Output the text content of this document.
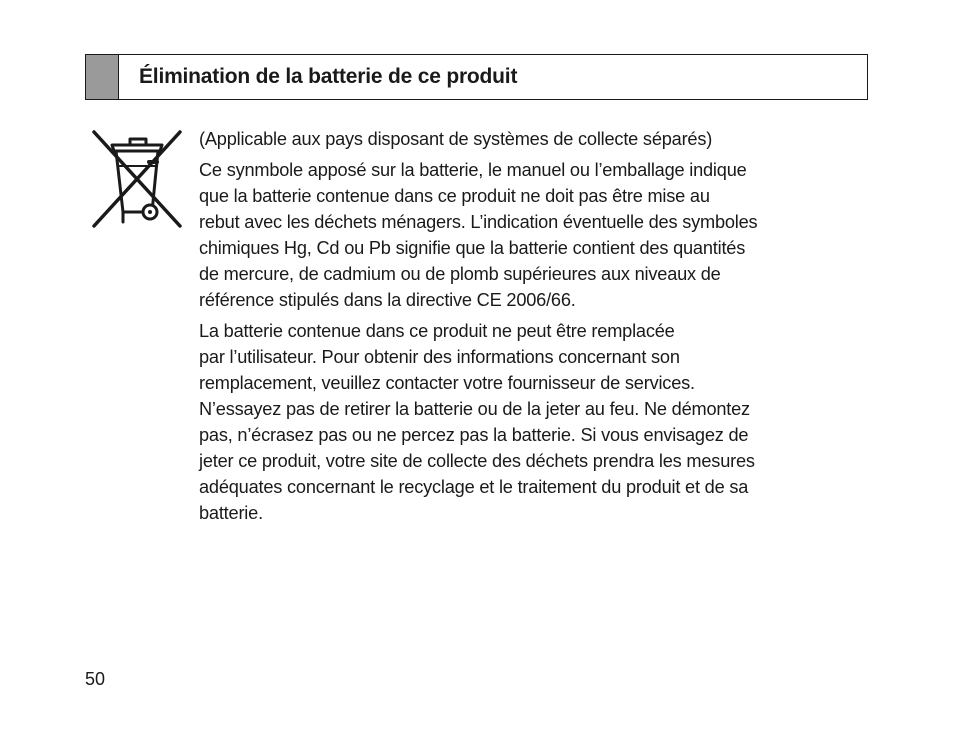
Élimination de la batterie de ce produit

(Applicable aux pays disposant de systèmes de collecte séparés)

Ce synmbole apposé sur la batterie, le manuel ou l’emballage indique
que la batterie contenue dans ce produit ne doit pas être mise au
rebut avec les déchets ménagers. L’indication éventuelle des symboles
chimiques Hg, Cd ou Pb signifie que la batterie contient des quantités
de mercure, de cadmium ou de plomb supérieures aux niveaux de
référence stipulés dans la directive CE 2006/66.

La batterie contenue dans ce produit ne peut être remplacée
par l’utilisateur. Pour obtenir des informations concernant son
remplacement, veuillez contacter votre fournisseur de services.
N’essayez pas de retirer la batterie ou de la jeter au feu. Ne démontez
pas, n’écrasez pas ou ne percez pas la batterie. Si vous envisagez de
jeter ce produit, votre site de collecte des déchets prendra les mesures
adéquates concernant le recyclage et le traitement du produit et de sa
batterie.

50
